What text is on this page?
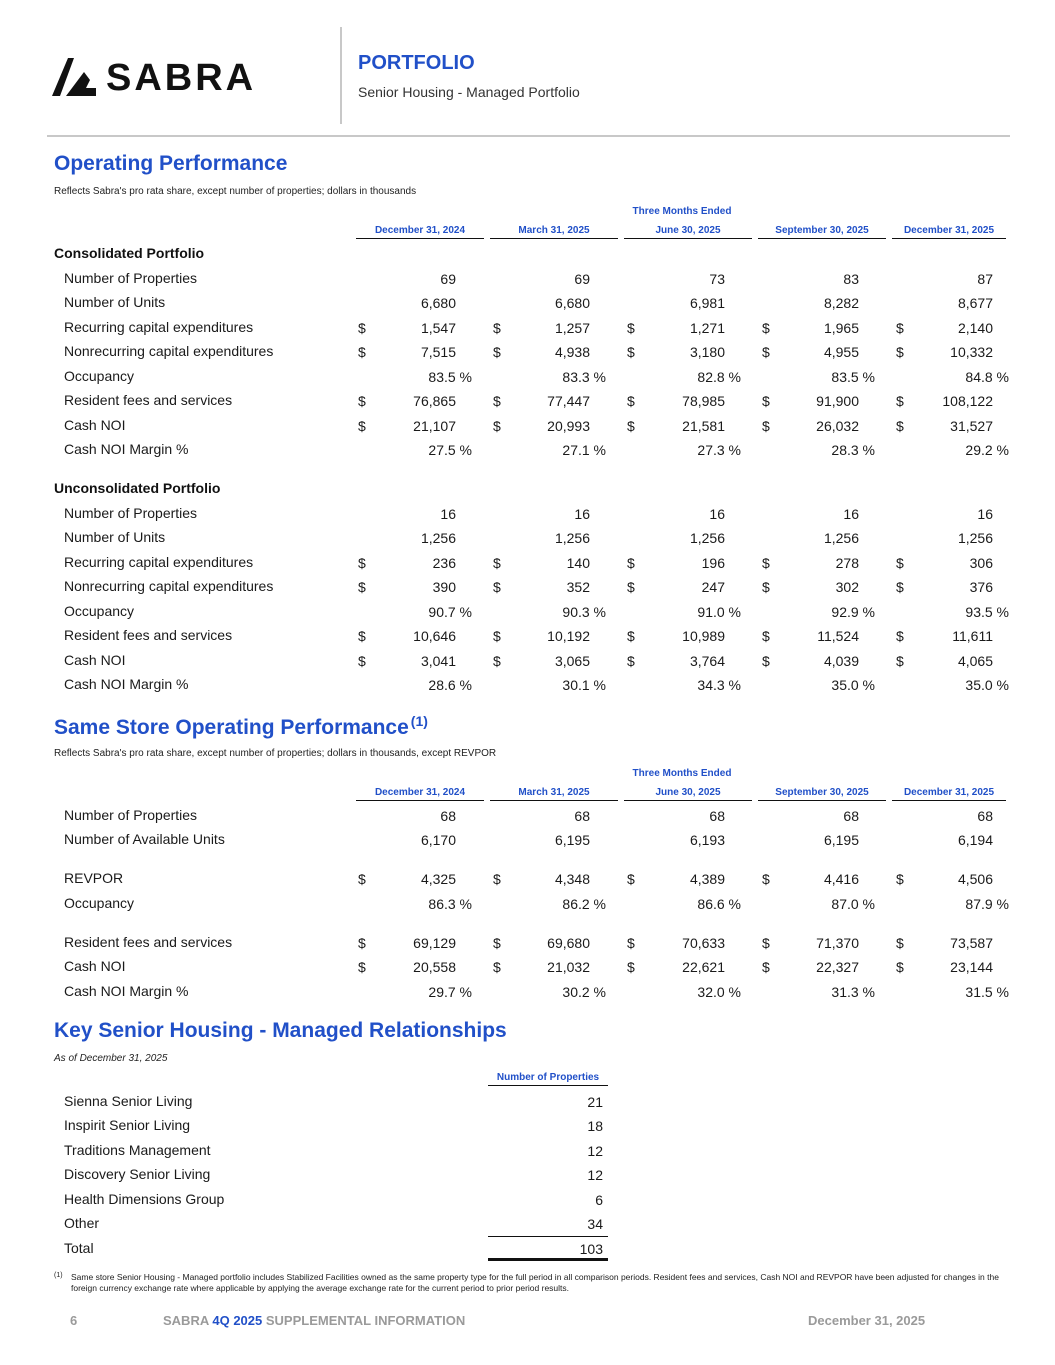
SABRA	PORTFOLIO
Senior Housing - Managed Portfolio
Operating Performance
Reflects Sabra's pro rata share, except number of properties; dollars in thousands
Three Months Ended
December 31, 2024	March 31, 2025	June 30, 2025	September 30, 2025	December 31, 2025
Consolidated Portfolio
Number of Properties	69	69	73	83	87
Number of Units	6,680	6,680	6,981	8,282	8,677
Recurring capital expenditures	$	1,547	$	1,257	$	1,271	$	1,965	$	2,140
Nonrecurring capital expenditures	$	7,515	$	4,938	$	3,180	$	4,955	$	10,332
Occupancy	83.5 %	83.3 %	82.8 %	83.5 %	84.8 %
Resident fees and services	$	76,865	$	77,447	$	78,985	$	91,900	$	108,122
Cash NOI	$	21,107	$	20,993	$	21,581	$	26,032	$	31,527
Cash NOI Margin %	27.5 %	27.1 %	27.3 %	28.3 %	29.2 %
Unconsolidated Portfolio
Number of Properties	16	16	16	16	16
Number of Units	1,256	1,256	1,256	1,256	1,256
Recurring capital expenditures	$	236	$	140	$	196	$	278	$	306
Nonrecurring capital expenditures	$	390	$	352	$	247	$	302	$	376
Occupancy	90.7 %	90.3 %	91.0 %	92.9 %	93.5 %
Resident fees and services	$	10,646	$	10,192	$	10,989	$	11,524	$	11,611
Cash NOI	$	3,041	$	3,065	$	3,764	$	4,039	$	4,065
Cash NOI Margin %	28.6 %	30.1 %	34.3 %	35.0 %	35.0 %
Same Store Operating Performance $^{(1)}$
Reflects Sabra's pro rata share, except number of properties; dollars in thousands, except REVPOR
Three Months Ended
December 31, 2024	March 31, 2025	June 30, 2025	September 30, 2025	December 31, 2025
Number of Properties	68	68	68	68	68
Number of Available Units	6,170	6,195	6,193	6,195	6,194
REVPOR	$	4,325	$	4,348	$	4,389	$	4,416	$	4,506
Occupancy	86.3 %	86.2 %	86.6 %	87.0 %	87.9 %
Resident fees and services	$	69,129	$	69,680	$	70,633	$	71,370	$	73,587
Cash NOI	$	20,558	$	21,032	$	22,621	$	22,327	$	23,144
Cash NOI Margin %	29.7 %	30.2 %	32.0 %	31.3 %	31.5 %
Key Senior Housing - Managed Relationships
As of December 31, 2025
Number of Properties
Sienna Senior Living	21
Inspirit Senior Living	18
Traditions Management	12
Discovery Senior Living	12
Health Dimensions Group	6
Other	34
Total	103
(1) Same store Senior Housing - Managed portfolio includes Stabilized Facilities owned as the same property type for the full period in all comparison periods. Resident fees and services, Cash NOI and REVPOR have been adjusted for changes in the foreign currency exchange rate where applicable by applying the average exchange rate for the current period to prior period results.
6	SABRA 4Q 2025 SUPPLEMENTAL INFORMATION	December 31, 2025
